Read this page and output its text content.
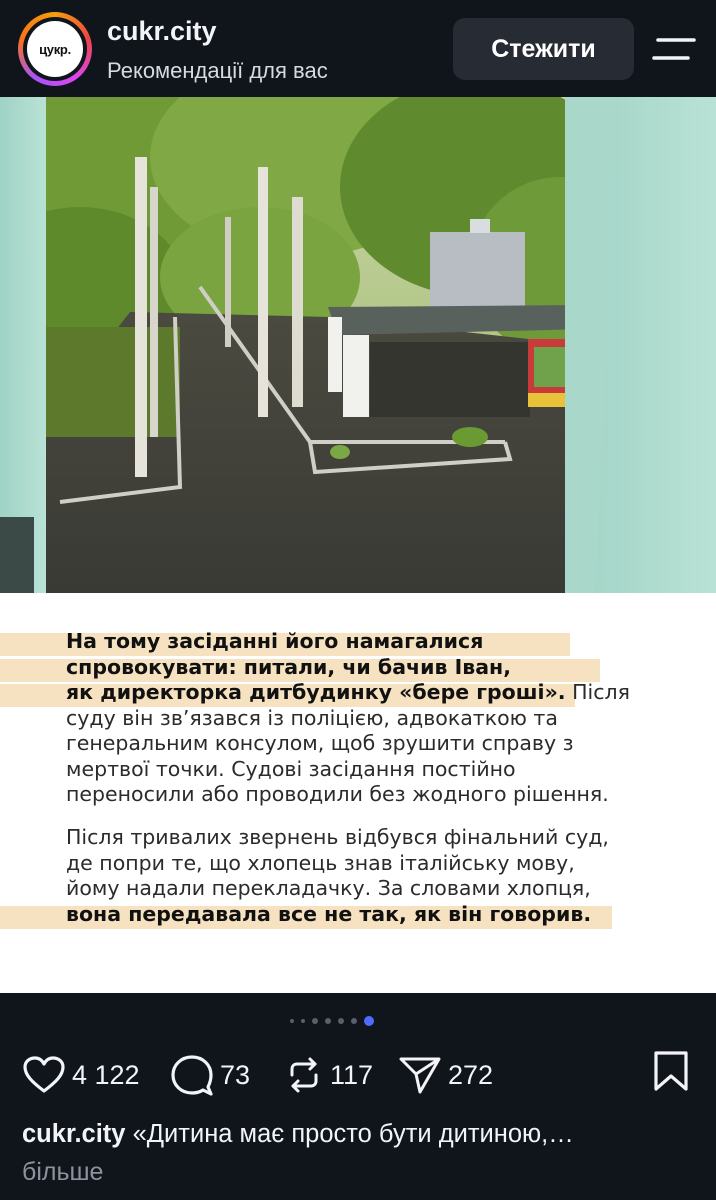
цукр.
cukr.city
Рекомендації для вас
Стежити
На тому засіданні його намагалися
спровокувати: питали, чи бачив Іван,
як директорка дитбудинку «бере гроші». Після
суду він зв’язався із поліцією, адвокаткою та
генеральним консулом, щоб зрушити справу з
мертвої точки. Судові засідання постійно
переносили або проводили без жодного рішення.
Після тривалих звернень відбувся фінальний суд,
де попри те, що хлопець знав італійську мову,
йому надали перекладачку. За словами хлопця,
вона передавала все не так, як він говорив.
4 122	73	117	272
cukr.city «Дитина має просто бути дитиною,…
більше
